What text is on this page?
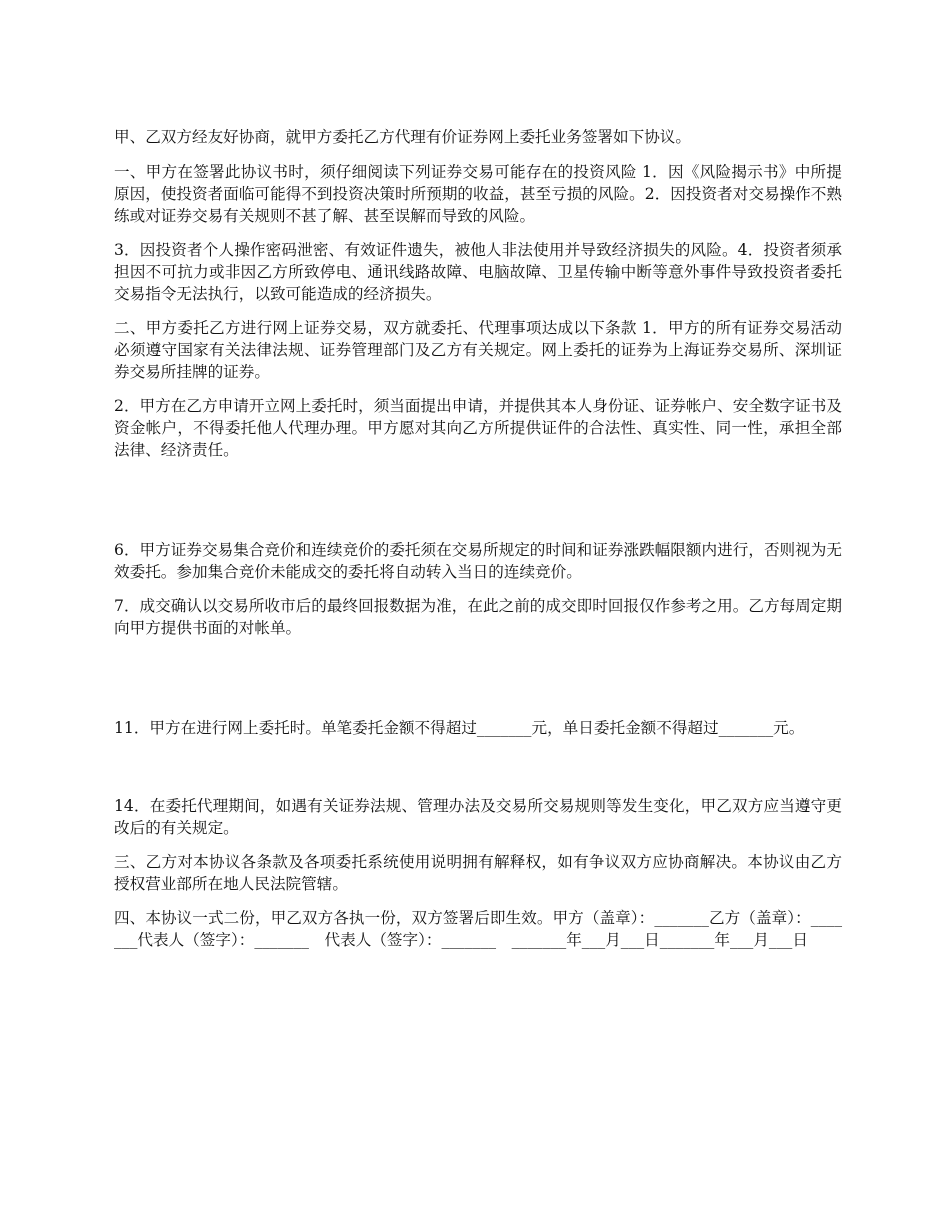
甲、乙双方经友好协商，就甲方委托乙方代理有价证券网上委托业务签署如下协议。

一、甲方在签署此协议书时，须仔细阅读下列证券交易可能存在的投资风险 1．因《风险揭示书》中所提原因，使投资者面临可能得不到投资决策时所预期的收益，甚至亏损的风险。2．因投资者对交易操作不熟练或对证券交易有关规则不甚了解、甚至误解而导致的风险。

3．因投资者个人操作密码泄密、有效证件遗失，被他人非法使用并导致经济损失的风险。4．投资者须承担因不可抗力或非因乙方所致停电、通讯线路故障、电脑故障、卫星传输中断等意外事件导致投资者委托交易指令无法执行，以致可能造成的经济损失。

二、甲方委托乙方进行网上证券交易，双方就委托、代理事项达成以下条款 1．甲方的所有证券交易活动必须遵守国家有关法律法规、证券管理部门及乙方有关规定。网上委托的证券为上海证券交易所、深圳证券交易所挂牌的证券。

2．甲方在乙方申请开立网上委托时，须当面提出申请，并提供其本人身份证、证券帐户、安全数字证书及资金帐户，不得委托他人代理办理。甲方愿对其向乙方所提供证件的合法性、真实性、同一性，承担全部法律、经济责任。

6．甲方证券交易集合竞价和连续竞价的委托须在交易所规定的时间和证券涨跌幅限额内进行，否则视为无效委托。参加集合竞价未能成交的委托将自动转入当日的连续竞价。

7．成交确认以交易所收市后的最终回报数据为准，在此之前的成交即时回报仅作参考之用。乙方每周定期向甲方提供书面的对帐单。

11．甲方在进行网上委托时。单笔委托金额不得超过_______元，单日委托金额不得超过_______元。

14．在委托代理期间，如遇有关证券法规、管理办法及交易所交易规则等发生变化，甲乙双方应当遵守更改后的有关规定。

三、乙方对本协议各条款及各项委托系统使用说明拥有解释权，如有争议双方应协商解决。本协议由乙方授权营业部所在地人民法院管辖。

四、本协议一式二份，甲乙双方各执一份，双方签署后即生效。甲方（盖章）：_______乙方（盖章）：_______代表人（签字）：_______　代表人（签字）：_______　_______年___月___日_______年___月___日
